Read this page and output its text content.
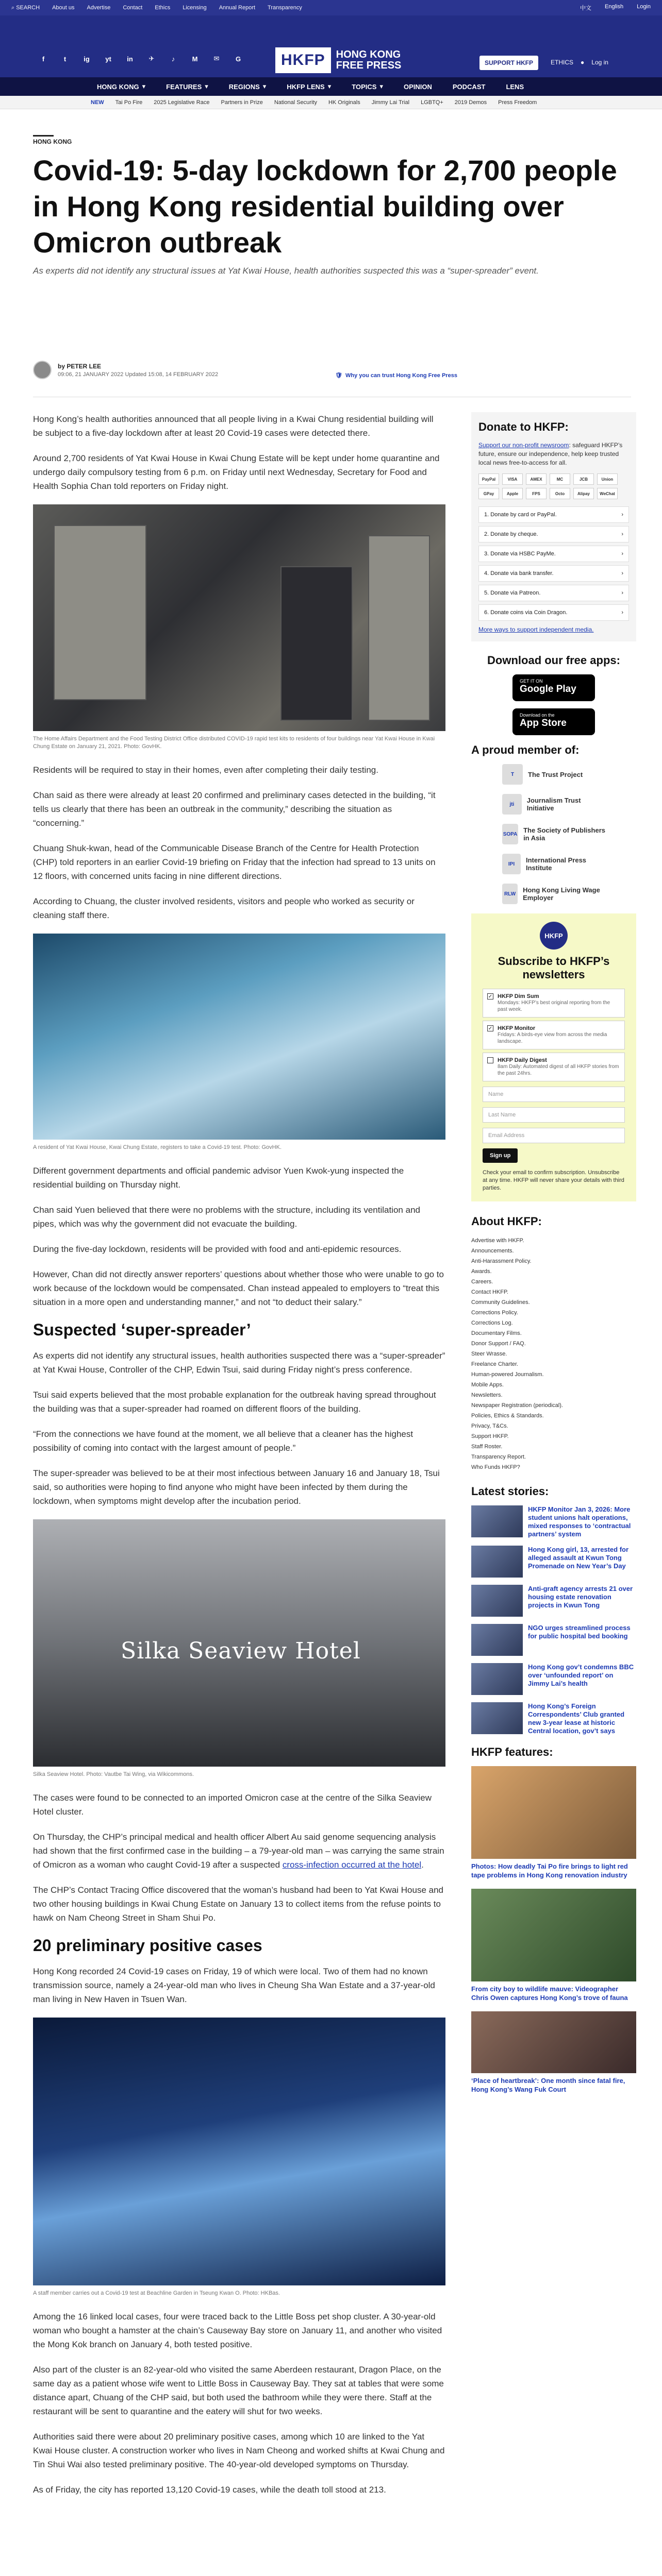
⌕ SEARCH About us Advertise Contact Ethics Licensing Annual Report Transparency	中文 English Login
f	t	ig	yt	in	✈	♪	M	✉	G	HKFP	HONG KONG
FREE PRESS	SUPPORT HKFP	ETHICS ● Log in
HONG KONG ▾	FEATURES ▾	REGIONS ▾	HKFP LENS ▾	TOPICS ▾	OPINION	PODCAST	LENS
NEW Tai Po Fire 2025 Legislative Race Partners in Prize National Security HK Originals Jimmy Lai Trial LGBTQ+ 2019 Demos Press Freedom
HONG KONG
Covid-19: 5-day lockdown for 2,700 people in Hong Kong residential building over Omicron outbreak
As experts did not identify any structural issues at Yat Kwai House, health authorities suspected this was a “super-spreader” event.
by PETER LEE
09:06, 21 JANUARY 2022 Updated 15:08, 14 FEBRUARY 2022	🛡 Why you can trust Hong Kong Free Press

Hong Kong’s health authorities announced that all people living in a Kwai Chung residential building will be subject to a five-day lockdown after at least 20 Covid-19 cases were detected there.

Around 2,700 residents of Yat Kwai House in Kwai Chung Estate will be kept under home quarantine and undergo daily compulsory testing from 6 p.m. on Friday until next Wednesday, Secretary for Food and Health Sophia Chan told reporters on Friday night.

The Home Affairs Department and the Food Testing District Office distributed COVID-19 rapid test kits to residents of four buildings near Yat Kwai House in Kwai Chung Estate on January 21, 2021. Photo: GovHK.

Residents will be required to stay in their homes, even after completing their daily testing.

Chan said as there were already at least 20 confirmed and preliminary cases detected in the building, “it tells us clearly that there has been an outbreak in the community,” describing the situation as “concerning.”

Chuang Shuk-kwan, head of the Communicable Disease Branch of the Centre for Health Protection (CHP) told reporters in an earlier Covid-19 briefing on Friday that the infection had spread to 13 units on 12 floors, with concerned units facing in nine different directions.

According to Chuang, the cluster involved residents, visitors and people who worked as security or cleaning staff there.

A resident of Yat Kwai House, Kwai Chung Estate, registers to take a Covid-19 test. Photo: GovHK.

Different government departments and official pandemic advisor Yuen Kwok-yung inspected the residential building on Thursday night.

Chan said Yuen believed that there were no problems with the structure, including its ventilation and pipes, which was why the government did not evacuate the building.

During the five-day lockdown, residents will be provided with food and anti-epidemic resources.

However, Chan did not directly answer reporters’ questions about whether those who were unable to go to work because of the lockdown would be compensated. Chan instead appealed to employers to “treat this situation in a more open and understanding manner,” and not “to deduct their salary.”

Suspected ‘super-spreader’

As experts did not identify any structural issues, health authorities suspected there was a “super-spreader” at Yat Kwai House, Controller of the CHP, Edwin Tsui, said during Friday night’s press conference.

Tsui said experts believed that the most probable explanation for the outbreak having spread throughout the building was that a super-spreader had roamed on different floors of the building.

“From the connections we have found at the moment, we all believe that a cleaner has the highest possibility of coming into contact with the largest amount of people.”

The super-spreader was believed to be at their most infectious between January 16 and January 18, Tsui said, so authorities were hoping to find anyone who might have been infected by them during the lockdown, when symptoms might develop after the incubation period.

Silka Seaview Hotel
Silka Seaview Hotel. Photo: Vautbe Tai Wing, via Wikicommons.

The cases were found to be connected to an imported Omicron case at the centre of the Silka Seaview Hotel cluster.

On Thursday, the CHP’s principal medical and health officer Albert Au said genome sequencing analysis had shown that the first confirmed case in the building – a 79-year-old man – was carrying the same strain of Omicron as a woman who caught Covid-19 after a suspected cross-infection occurred at the hotel.

The CHP’s Contact Tracing Office discovered that the woman’s husband had been to Yat Kwai House and two other housing buildings in Kwai Chung Estate on January 13 to collect items from the refuse points to hawk on Nam Cheong Street in Sham Shui Po.

20 preliminary positive cases

Hong Kong recorded 24 Covid-19 cases on Friday, 19 of which were local. Two of them had no known transmission source, namely a 24-year-old man who lives in Cheung Sha Wan Estate and a 37-year-old man living in New Haven in Tsuen Wan.

A staff member carries out a Covid-19 test at Beachline Garden in Tseung Kwan O. Photo: HKBas.

Among the 16 linked local cases, four were traced back to the Little Boss pet shop cluster. A 30-year-old woman who bought a hamster at the chain’s Causeway Bay store on January 11, and another who visited the Mong Kok branch on January 4, both tested positive.

Also part of the cluster is an 82-year-old who visited the same Aberdeen restaurant, Dragon Place, on the same day as a patient whose wife went to Little Boss in Causeway Bay. They sat at tables that were some distance apart, Chuang of the CHP said, but both used the bathroom while they were there. Staff at the restaurant will be sent to quarantine and the eatery will shut for two weeks.

Authorities said there were about 20 preliminary positive cases, among which 10 are linked to the Yat Kwai House cluster. A construction worker who lives in Nam Cheong and worked shifts at Kwai Chung and Tin Shui Wai also tested preliminary positive. The 40-year-old developed symptoms on Thursday.

As of Friday, the city has reported 13,120 Covid-19 cases, while the death toll stood at 213.

Donate to HKFP:
Support our non-profit newsroom: safeguard HKFP’s future, ensure our independence, help keep trusted local news free-to-access for all.
PayPal	VISA	AMEX	MC	JCB	Union
GPay	Apple	FPS	Octo	Alipay	WeChat
1. Donate by card or PayPal.	›
2. Donate by cheque.	›
3. Donate via HSBC PayMe.	›
4. Donate via bank transfer.	›
5. Donate via Patreon.	›
6. Donate coins via Coin Dragon.	›
More ways to support independent media.
Download our free apps:
GET IT ON
Google Play
Download on the
App Store
A proud member of:
T	The Trust Project
jti	Journalism Trust Initiative
SOPA The Society of Publishers in Asia
IPI	International Press Institute
RLW	Hong Kong Living Wage Employer
HKFP
Subscribe to HKFP’s newsletters
✓ HKFP Dim Sum
Mondays: HKFP’s best original reporting from the past week.
✓ HKFP Monitor
Fridays: A birds-eye view from across the media landscape.
HKFP Daily Digest
8am Daily: Automated digest of all HKFP stories from the past 24hrs.
Name
Last Name
Email Address
Sign up
Check your email to confirm subscription. Unsubscribe at any time. HKFP will never share your details with third parties.
About HKFP:
Advertise with HKFP.
Announcements.
Anti-Harassment Policy.
Awards.
Careers.
Contact HKFP.
Community Guidelines.
Corrections Policy.
Corrections Log.
Documentary Films.
Donor Support / FAQ.
Steer Wrasse.
Freelance Charter.
Human-powered Journalism.
Mobile Apps.
Newsletters.
Newspaper Registration (periodical).
Policies, Ethics & Standards.
Privacy, T&Cs.
Support HKFP.
Staff Roster.
Transparency Report.
Who Funds HKFP?
Latest stories:
HKFP Monitor Jan 3, 2026: More student unions halt operations, mixed responses to ‘contractual partners’ system
Hong Kong girl, 13, arrested for alleged assault at Kwun Tong Promenade on New Year’s Day
Anti-graft agency arrests 21 over housing estate renovation projects in Kwun Tong
NGO urges streamlined process for public hospital bed booking
Hong Kong gov’t condemns BBC over ‘unfounded report’ on Jimmy Lai’s health
Hong Kong’s Foreign Correspondents’ Club granted new 3-year lease at historic Central location, gov’t says
HKFP features:
Photos: How deadly Tai Po fire brings to light red tape problems in Hong Kong renovation industry
From city boy to wildlife mauve: Videographer Chris Owen captures Hong Kong’s trove of fauna
‘Place of heartbreak’: One month since fatal fire, Hong Kong’s Wang Fuk Court
